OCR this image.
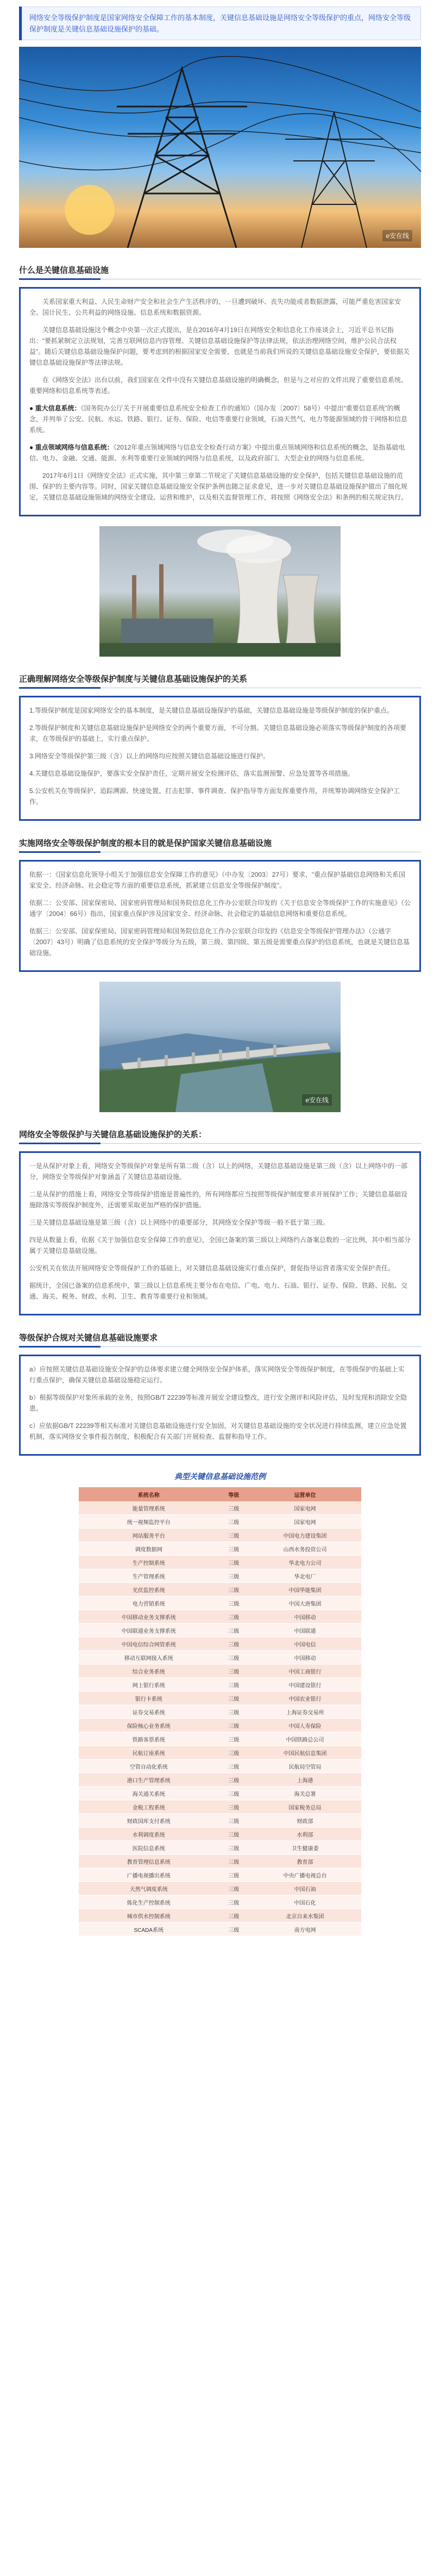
网络安全等级保护制度是国家网络安全保障工作的基本制度，关键信息基础设施是网络安全等级保护的重点，网络安全等级保护制度是关键信息基础设施保护的基础。
e安在线
什么是关键信息基础设施

关系国家重大利益、人民生命财产安全和社会生产生活秩序的，一旦遭到破坏、丧失功能或者数据泄露，可能严重危害国家安全、国计民生、公共利益的网络设施、信息系统和数据资源。

关键信息基础设施这个概念中央第一次正式提出，是在2016年4月19日在网络安全和信息化工作座谈会上，习近平总书记指出：“要抓紧制定立法规划，完善互联网信息内容管理、关键信息基础设施保护等法律法规，依法治理网络空间，维护公民合法权益”。随后关键信息基础设施保护问题，要考虑到的根据国家安全需要，也就是当前我们所说的关键信息基础设施安全保护，要依据关键信息基础设施保护等法律法规。

在《网络安全法》出台以前，我们国家在文件中没有关键信息基础设施的明确概念，但是与之对应的文件出现了重要信息系统、重要网络和信息系统等表述。

● 重大信息系统：《国务院办公厅关于开展重要信息系统安全检查工作的通知》（国办发〔2007〕58号）中提出“重要信息系统”的概念，并列举了公安、民航、水运、铁路、银行、证券、保险、电信等重要行业领域，石油天然气、电力等能源领域的骨干网络和信息系统。

● 重点领域网络与信息系统：《2012年重点领域网络与信息安全检查行动方案》中提出重点领域网络和信息系统的概念，是指基础电信、电力、金融、交通、能源、水利等重要行业领域的网络与信息系统，以及政府部门、大型企业的网络与信息系统。

2017年6月1日《网络安全法》正式实施，其中第三章第二节规定了关键信息基础设施的安全保护，包括关键信息基础设施的范围、保护的主要内容等。同时，国家关键信息基础设施安全保护条例也随之征求意见，进一步对关键信息基础设施保护做出了细化规定，关键信息基础设施领域的网络安全建设、运营和维护，以及相关监督管理工作，将按照《网络安全法》和条例的相关规定执行。

正确理解网络安全等级保护制度与关键信息基础设施保护的关系

1.等级保护制度是国家网络安全的基本制度，是关键信息基础设施保护的基础，关键信息基础设施是等级保护制度的保护重点。

2.等级保护制度和关键信息基础设施保护是网络安全的两个重要方面，不可分割。关键信息基础设施必须落实等级保护制度的各项要求，在等级保护的基础上，实行重点保护。

3.网络安全等级保护第三级（含）以上的网络均应按照关键信息基础设施进行保护。

4.关键信息基础设施保护，要落实安全保护责任，定期开展安全检测评估，落实监测预警、应急处置等各项措施。

5.公安机关在等级保护、追踪溯源、快速处置、打击犯罪、事件调查、保护指导等方面发挥重要作用，并统筹协调网络安全保护工作。

实施网络安全等级保护制度的根本目的就是保护国家关键信息基础设施

依据一：《国家信息化领导小组关于加强信息安全保障工作的意见》（中办发〔2003〕27号）要求，“重点保护基础信息网络和关系国家安全、经济命脉、社会稳定等方面的重要信息系统，抓紧建立信息安全等级保护制度”。

依据二：公安部、国家保密局、国家密码管理局和国务院信息化工作办公室联合印发的《关于信息安全等级保护工作的实施意见》（公通字〔2004〕66号）指出，国家重点保护涉及国家安全、经济命脉、社会稳定的基础信息网络和重要信息系统。

依据三：公安部、国家保密局、国家密码管理局和国务院信息化工作办公室联合印发的《信息安全等级保护管理办法》（公通字〔2007〕43号）明确了信息系统的安全保护等级分为五级，第三级、第四级、第五级是需要重点保护的信息系统，也就是关键信息基础设施。

e安在线
网络安全等级保护与关键信息基础设施保护的关系：

一是从保护对象上看，网络安全等级保护对象是所有第二级（含）以上的网络，关键信息基础设施是第三级（含）以上网络中的一部分，网络安全等级保护对象涵盖了关键信息基础设施。

二是从保护的措施上看，网络安全等级保护措施是普遍性的，所有网络都应当按照等级保护制度要求开展保护工作；关键信息基础设施除落实等级保护制度外，还需要采取更加严格的保护措施。

三是关键信息基础设施是第三级（含）以上网络中的重要部分，其网络安全保护等级一般不低于第三级。

四是从数量上看，依据《关于加强信息安全保障工作的意见》，全国已备案的第三级以上网络约占备案总数的一定比例，其中相当部分属于关键信息基础设施。

公安机关在依法开展网络安全等级保护工作的基础上，对关键信息基础设施实行重点保护，督促指导运营者落实安全保护责任。

据统计，全国已备案的信息系统中，第三级以上信息系统主要分布在电信、广电、电力、石油、银行、证券、保险、铁路、民航、交通、海关、税务、财政、水利、卫生、教育等重要行业和领域。

等级保护合规对关键信息基础设施要求

a）应按照关键信息基础设施安全保护的总体要求建立健全网络安全保护体系，落实网络安全等级保护制度，在等级保护的基础上实行重点保护，确保关键信息基础设施稳定运行。

b）根据等级保护对象所承载的业务，按照GB/T 22239等标准开展安全建设整改，进行安全测评和风险评估，及时发现和消除安全隐患。

c）应依据GB/T 22239等相关标准对关键信息基础设施进行安全加固，对关键信息基础设施的安全状况进行持续监测，建立应急处置机制，落实网络安全事件报告制度，积极配合有关部门开展检查、监督和指导工作。

典型关键信息基础设施范例
系统名称	等级	运营单位
能量管理系统	三级	国家电网
统一视频监控平台	三级	国家电网
网站服务平台	三级	中国电力建设集团
调度数据网	三级	山西水务投资公司
生产控制系统	三级	华北电力公司
生产管理系统	三级	华北电厂
光伏监控系统	三级	中国华能集团
电力营销系统	三级	中国大唐集团
中国移动业务支撑系统	三级	中国移动
中国联通业务支撑系统	三级	中国联通
中国电信综合网管系统	三级	中国电信
移动互联网接入系统	三级	中国移动
综合业务系统	三级	中国工商银行
网上银行系统	三级	中国建设银行
银行卡系统	三级	中国农业银行
证券交易系统	三级	上海证券交易所
保险核心业务系统	三级	中国人寿保险
铁路客票系统	三级	中国铁路总公司
民航订座系统	三级	中国民航信息集团
空管自动化系统	三级	民航局空管局
港口生产管理系统	三级	上海港
海关通关系统	三级	海关总署
金税工程系统	三级	国家税务总局
财政国库支付系统	三级	财政部
水利调度系统	三级	水利部
医院信息系统	三级	卫生健康委
教育管理信息系统	三级	教育部
广播电视播出系统	三级	中央广播电视总台
天然气调度系统	三级	中国石油
炼化生产控制系统	三级	中国石化
城市供水控制系统	三级	北京自来水集团
SCADA系统	三级	南方电网
